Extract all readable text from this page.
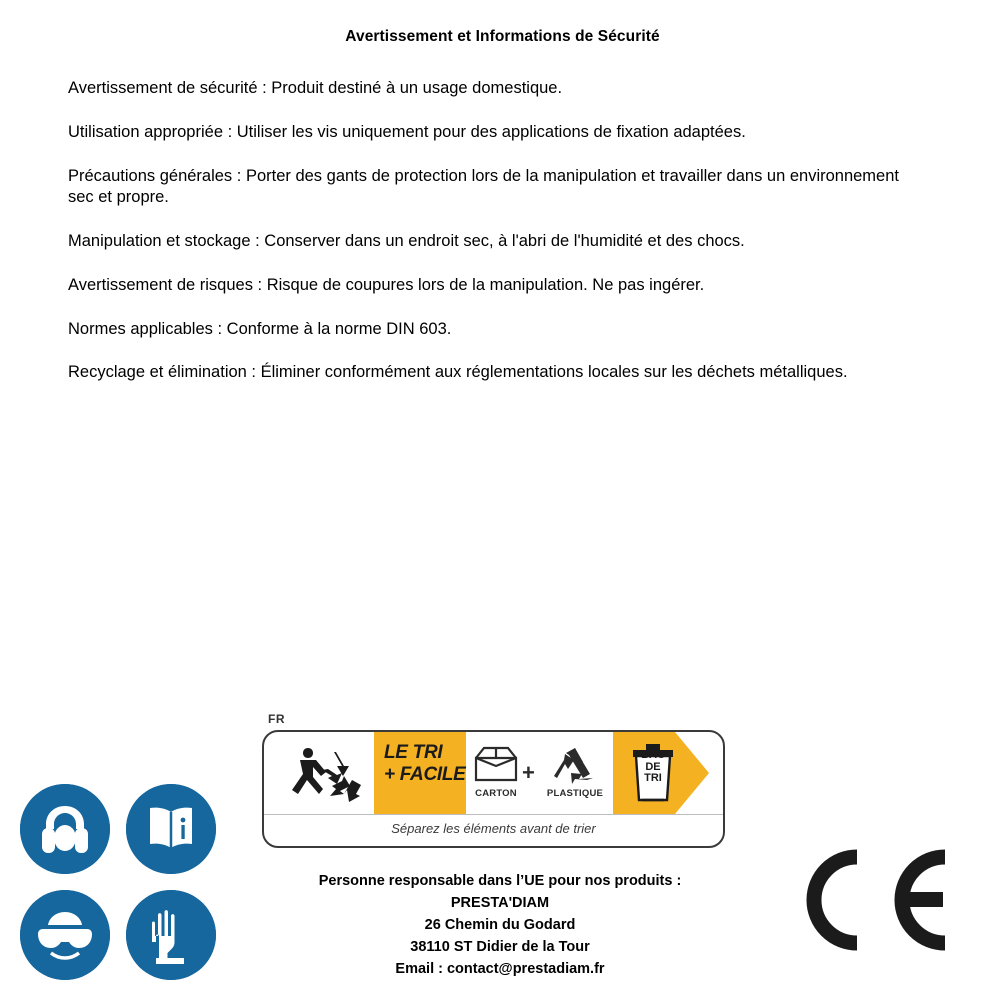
Avertissement et Informations de Sécurité

Avertissement de sécurité : Produit destiné à un usage domestique.

Utilisation appropriée : Utiliser les vis uniquement pour des applications de fixation adaptées.

Précautions générales : Porter des gants de protection lors de la manipulation et travailler dans un environnement sec et propre.

Manipulation et stockage : Conserver dans un endroit sec, à l'abri de l'humidité et des chocs.

Avertissement de risques : Risque de coupures lors de la manipulation. Ne pas ingérer.

Normes applicables : Conforme à la norme DIN 603.

Recyclage et élimination : Éliminer conformément aux réglementations locales sur les déchets métalliques.

FR
LE TRI
+ FACILE
CARTON
+
PLASTIQUE
BAC
DE
TRI
Séparez les éléments avant de trier
Personne responsable dans l’UE pour nos produits :
PRESTA'DIAM
26 Chemin du Godard
38110 ST Didier de la Tour
Email : contact@prestadiam.fr
